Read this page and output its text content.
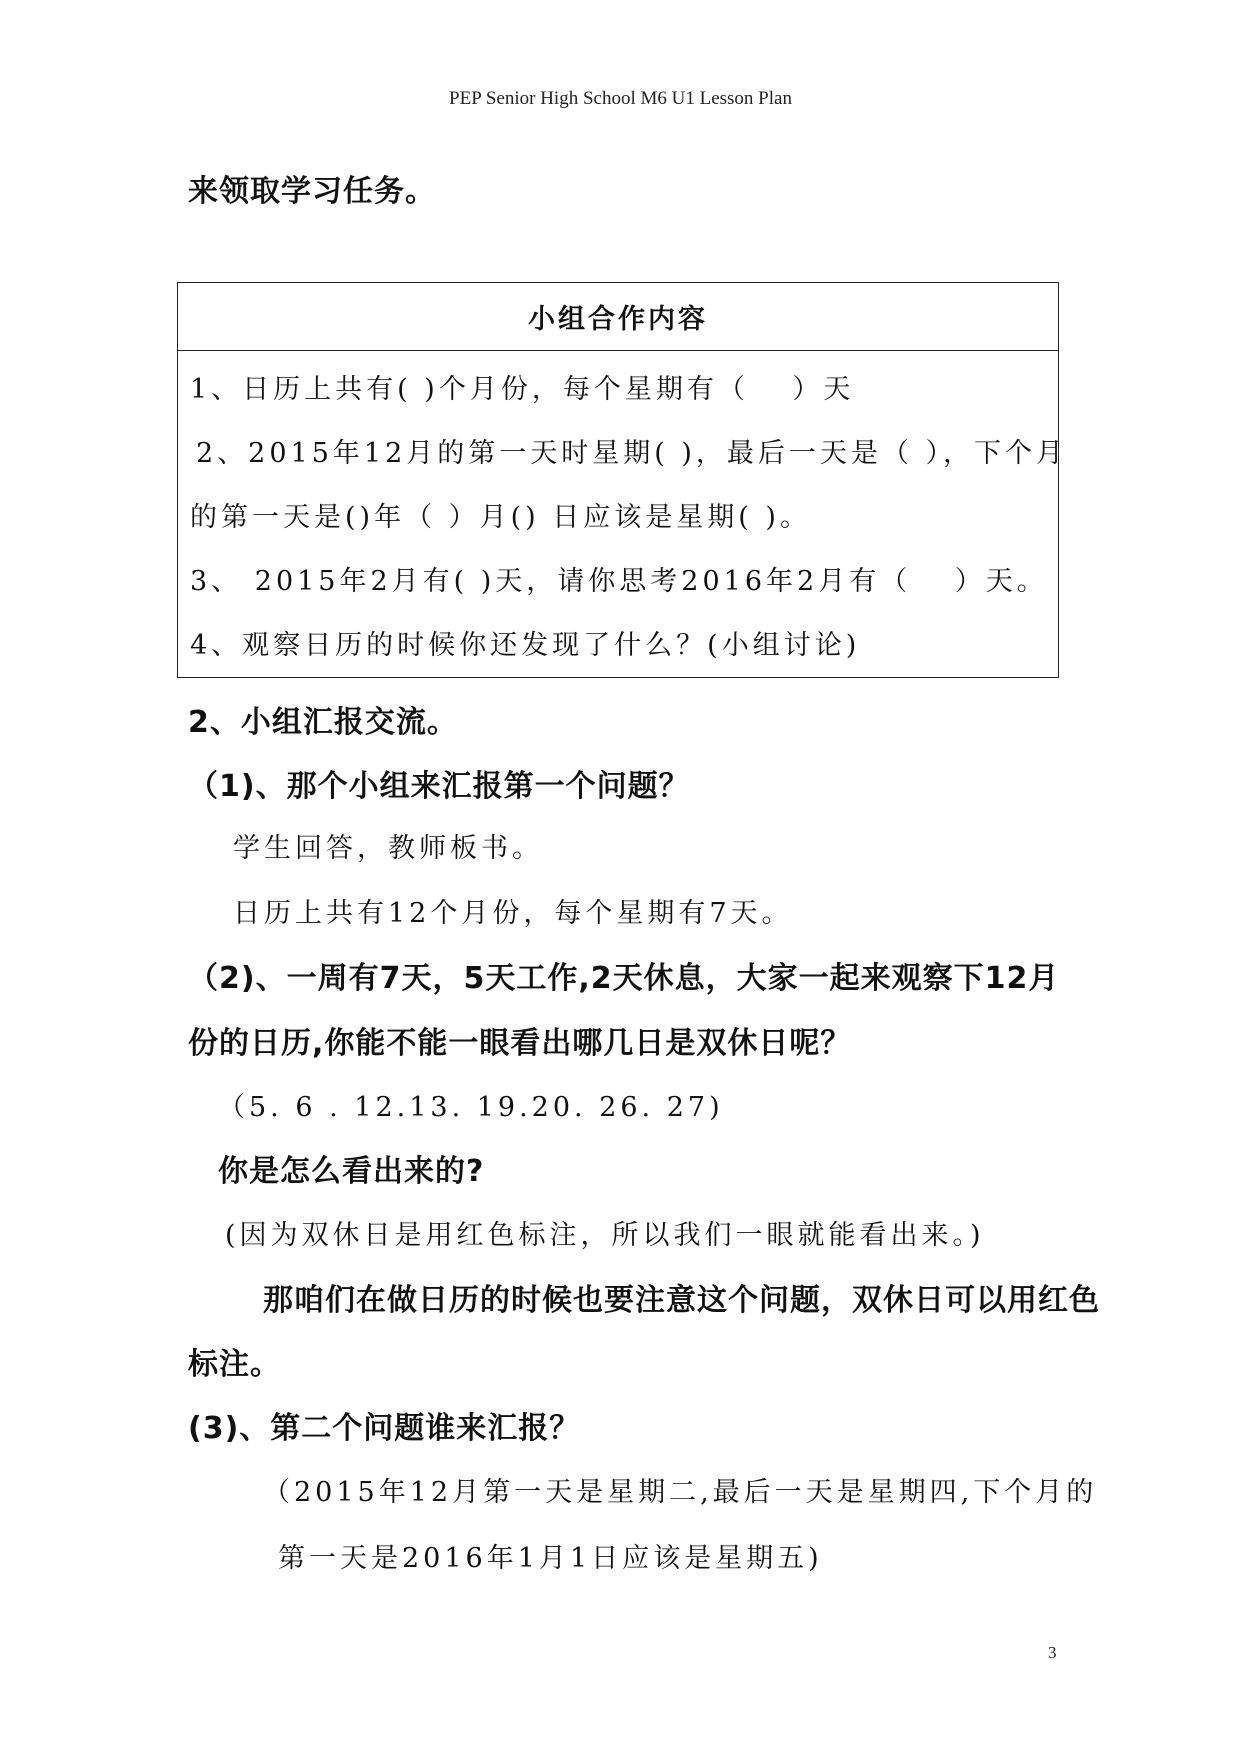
PEP Senior High School M6 U1 Lesson Plan
来领取学习任务。
小组合作内容
1、日历上共有( )个月份，每个星期有（　 ）天
2、2015年12月的第一天时星期( )，最后一天是（ ），下个月
的第一天是()年（ ）月() 日应该是星期( )。
3、 2015年2月有( )天，请你思考2016年2月有（　 ）天。
4、观察日历的时候你还发现了什么？(小组讨论)
2、小组汇报交流。
（1)、那个小组来汇报第一个问题？
学生回答，教师板书。
日历上共有12个月份，每个星期有7天。
（2)、一周有7天，5天工作,2天休息，大家一起来观察下12月
份的日历,你能不能一眼看出哪几日是双休日呢？
（5. 6 . 12.13. 19.20. 26. 27)
你是怎么看出来的?
(因为双休日是用红色标注，所以我们一眼就能看出来。)
那咱们在做日历的时候也要注意这个问题，双休日可以用红色
标注。
(3)、第二个问题谁来汇报？
（2015年12月第一天是星期二,最后一天是星期四,下个月的
第一天是2016年1月1日应该是星期五)
3
